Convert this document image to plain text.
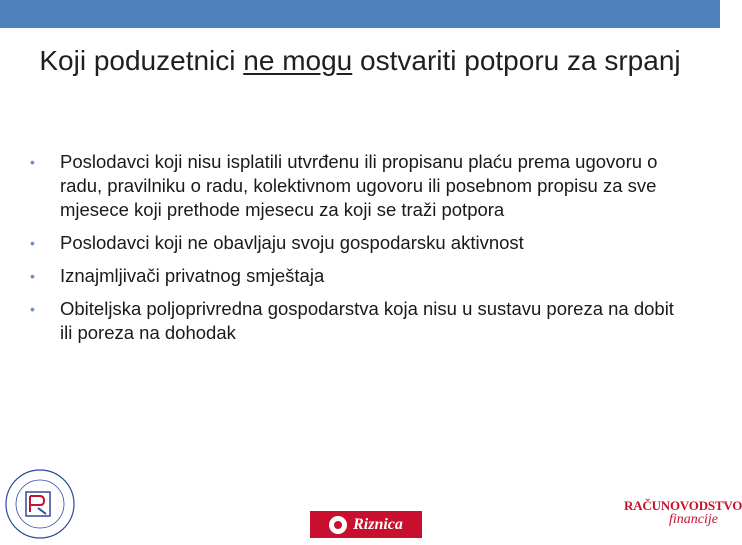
Koji poduzetnici ne mogu ostvariti potporu za srpanj
• Poslodavci koji nisu isplatili utvrđenu ili propisanu plaću prema ugovoru o radu, pravilniku o radu, kolektivnom ugovoru ili posebnom propisu za sve mjesece koji prethode mjesecu za koji se traži potpora
• Poslodavci koji ne obavljaju svoju gospodarsku aktivnost
• Iznajmljivači privatnog smještaja
• Obiteljska poljoprivredna gospodarstva koja nisu u sustavu poreza na dobit ili poreza na dohodak
Riznica
RAČUNOVODSTVO
financije
